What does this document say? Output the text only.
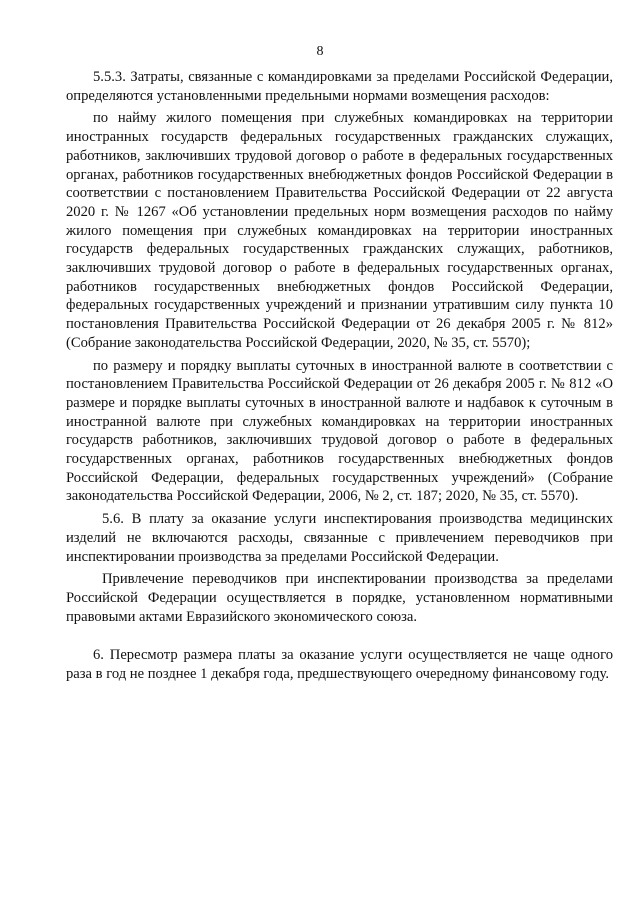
8

5.5.3. Затраты, связанные с командировками за пределами Российской Федерации, определяются установленными предельными нормами возмещения расходов:

по найму жилого помещения при служебных командировках на территории иностранных государств федеральных государственных гражданских служащих, работников, заключивших трудовой договор о работе в федеральных государственных органах, работников государственных внебюджетных фондов Российской Федерации в соответствии с постановлением Правительства Российской Федерации от 22 августа 2020 г. № 1267 «Об установлении предельных норм возмещения расходов по найму жилого помещения при служебных командировках на территории иностранных государств федеральных государственных гражданских служащих, работников, заключивших трудовой договор о работе в федеральных государственных органах, работников государственных внебюджетных фондов Российской Федерации, федеральных государственных учреждений и признании утратившим силу пункта 10 постановления Правительства Российской Федерации от 26 декабря 2005 г. № 812» (Собрание законодательства Российской Федерации, 2020, № 35, ст. 5570);

по размеру и порядку выплаты суточных в иностранной валюте в соответствии с постановлением Правительства Российской Федерации от 26 декабря 2005 г. № 812 «О размере и порядке выплаты суточных в иностранной валюте и надбавок к суточным в иностранной валюте при служебных командировках на территории иностранных государств работников, заключивших трудовой договор о работе в федеральных государственных органах, работников государственных внебюджетных фондов Российской Федерации, федеральных государственных учреждений» (Собрание законодательства Российской Федерации, 2006, № 2, ст. 187; 2020, № 35, ст. 5570).

5.6. В плату за оказание услуги инспектирования производства медицинских изделий не включаются расходы, связанные с привлечением переводчиков при инспектировании производства за пределами Российской Федерации.

Привлечение переводчиков при инспектировании производства за пределами Российской Федерации осуществляется в порядке, установленном нормативными правовыми актами Евразийского экономического союза.

6. Пересмотр размера платы за оказание услуги осуществляется не чаще одного раза в год не позднее 1 декабря года, предшествующего очередному финансовому году.
